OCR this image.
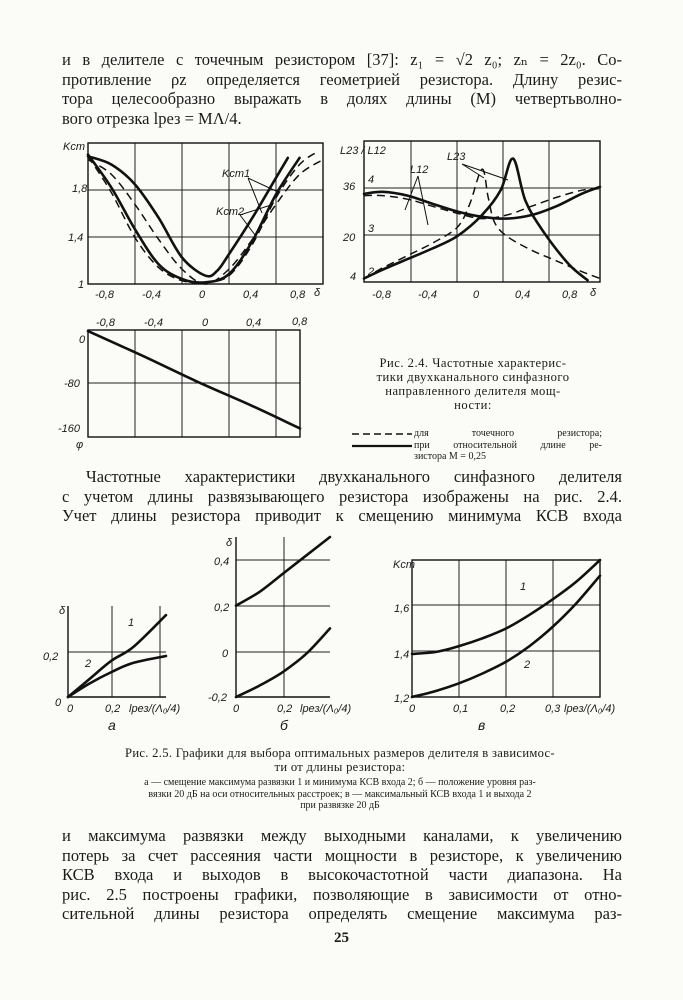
и в делителе с точечным резистором [37]: z₁ = √2 z₀; zₙ = 2z₀. Со-
противление ρz определяется геометрией резистора. Длину резис-
тора целесообразно выражать в долях длины (M) четвертьволно-
вого отрезка lрез = MΛ/4.
Kст
1,8
1,4
1
-0,8	-0,4	0	0,4	0,8 δ
Kст1
Kст2
L23 / L12
36
20
4
4
3
2
-0,8 -0,4	0	0,4	0,8 δ
L12
L23
-0,8	-0,4	0	0,4	0,8
0
-80
-160
φ
δ
0,2
0 0	0,2 lрез/(Λ₀/4)
1
2
а
δ
0,4
0,2
0
-0,2
0	0,2 lрез/(Λ₀/4)
б
Kст
1,6
1,4
1,2
0	0,1	0,2	0,3 lрез/(Λ₀/4)
1
2
в
Рис. 2.4. Частотные характерис-
тики двухканального синфазного
направленного делителя мощ-
ности:
для точечного резистора;
при относительной длине ре-
зистора M = 0,25
Частотные характеристики двухканального синфазного делителя
с учетом длины развязывающего резистора изображены на рис. 2.4.
Учет длины резистора приводит к смещению минимума КСВ входа
Рис. 2.5. Графики для выбора оптимальных размеров делителя в зависимос-
ти от длины резистора:
а — смещение максимума развязки 1 и минимума КСВ входа 2; б — положение уровня раз-
вязки 20 дБ на оси относительных расстроек; в — максимальный КСВ входа 1 и выхода 2
при развязке 20 дБ
и максимума развязки между выходными каналами, к увеличению
потерь за счет рассеяния части мощности в резисторе, к увеличению
КСВ входа и выходов в высокочастотной части диапазона. На
рис. 2.5 построены графики, позволяющие в зависимости от отно-
сительной длины резистора определять смещение максимума раз-
25
